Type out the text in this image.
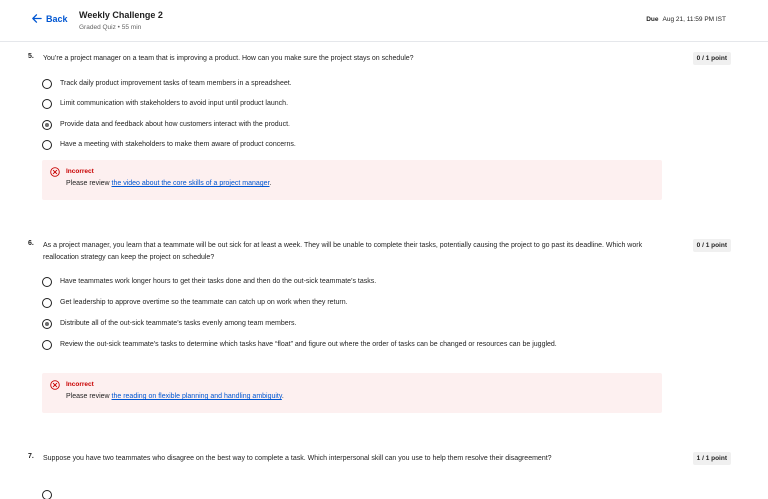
Back Weekly Challenge 2
Graded Quiz • 55 min
Due Aug 21, 11:59 PM IST
5. You’re a project manager on a team that is improving a product. How can you make sure the project stays on schedule?	0 / 1 point
Track daily product improvement tasks of team members in a spreadsheet.
Limit communication with stakeholders to avoid input until product launch.
Provide data and feedback about how customers interact with the product.
Have a meeting with stakeholders to make them aware of product concerns.
Incorrect
Please review the video about the core skills of a project manager.
6. As a project manager, you learn that a teammate will be out sick for at least a week. They will be unable to complete their tasks, potentially causing the project to go past its deadline. Which work reallocation strategy can keep the project on schedule?
0 / 1 point
Have teammates work longer hours to get their tasks done and then do the out-sick teammate’s tasks.
Get leadership to approve overtime so the teammate can catch up on work when they return.
Distribute all of the out-sick teammate’s tasks evenly among team members.
Review the out-sick teammate’s tasks to determine which tasks have “float” and figure out where the order of tasks can be changed or resources can be juggled.
Incorrect
Please review the reading on flexible planning and handling ambiguity.
7. Suppose you have two teammates who disagree on the best way to complete a task. Which interpersonal skill can you use to help them resolve their disagreement?	1 / 1 point
